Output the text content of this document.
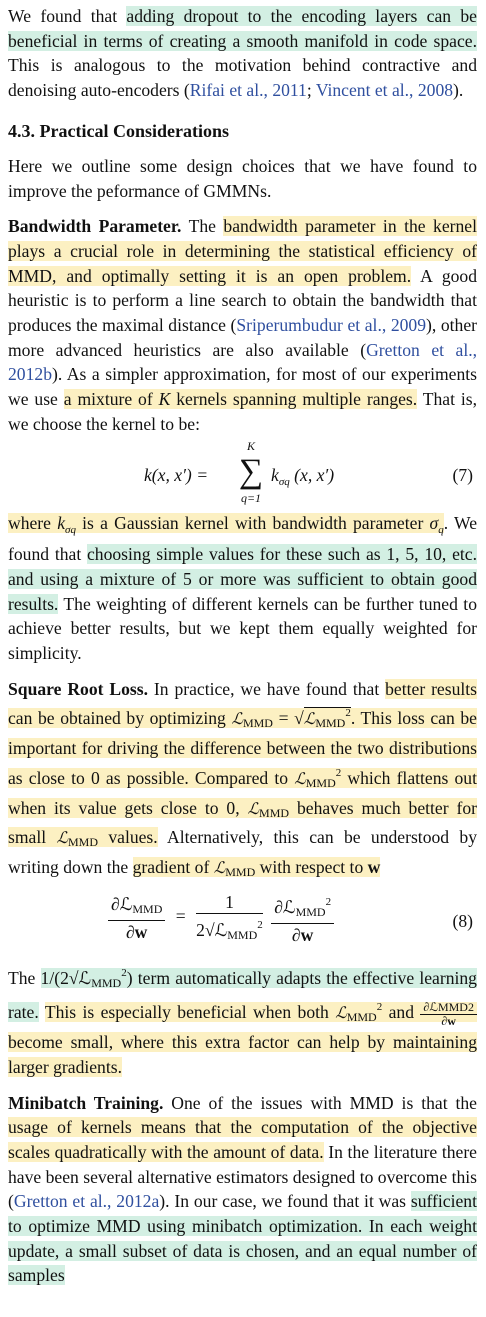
We found that adding dropout to the encoding layers can be beneficial in terms of creating a smooth manifold in code space. This is analogous to the motivation behind contractive and denoising auto-encoders (Rifai et al., 2011; Vincent et al., 2008).

4.3. Practical Considerations

Here we outline some design choices that we have found to improve the peformance of GMMNs.

Bandwidth Parameter. The bandwidth parameter in the kernel plays a crucial role in determining the statistical efficiency of MMD, and optimally setting it is an open problem. A good heuristic is to perform a line search to obtain the bandwidth that produces the maximal distance (Sriperumbudur et al., 2009), other more advanced heuristics are also available (Gretton et al., 2012b). As a simpler approximation, for most of our experiments we use a mixture of K kernels spanning multiple ranges. That is, we choose the kernel to be:

k(x, x′) =
K
∑
q=1
$k_{\sigma q}$ (x, x′)	(7)

where $k_{\sigma q}$ is a Gaussian kernel with bandwidth parameter $\sigma_q$. We found that choosing simple values for these such as 1, 5, 10, etc. and using a mixture of 5 or more was sufficient to obtain good results. The weighting of different kernels can be further tuned to achieve better results, but we kept them equally weighted for simplicity.

Square Root Loss. In practice, we have found that better results can be obtained by optimizing ℒ$_{MMD}$ = √ℒ$_{MMD}^2$. This loss can be important for driving the difference between the two distributions as close to 0 as possible. Compared to ℒ$_{MMD}^2$ which flattens out when its value gets close to 0, ℒ$_{MMD}$ behaves much better for small ℒ$_{MMD}$ values. Alternatively, this can be understood by writing down the gradient of ℒ$_{MMD}$ with respect to w

$\frac{\partial ℒ_{MMD}}{\partial w} = \frac{1}{2√ℒ_{MMD}^2}$
$\frac{\partial ℒ_{MMD}^2}{\partial w}$	(8)

The 1/(2√ℒ$_{MMD}^2$) term automatically adapts the effective learning rate. This is especially beneficial when both ℒ$_{MMD}^2$ and $\frac{\text{∂ℒMMD2}}{\partial w}$
become small, where this extra factor can help by maintaining larger gradients.

Minibatch Training. One of the issues with MMD is that the usage of kernels means that the computation of the objective scales quadratically with the amount of data. In the literature there have been several alternative estimators designed to overcome this (Gretton et al., 2012a). In our case, we found that it was sufficient to optimize MMD using minibatch optimization. In each weight update, a small subset of data is chosen, and an equal number of samples
